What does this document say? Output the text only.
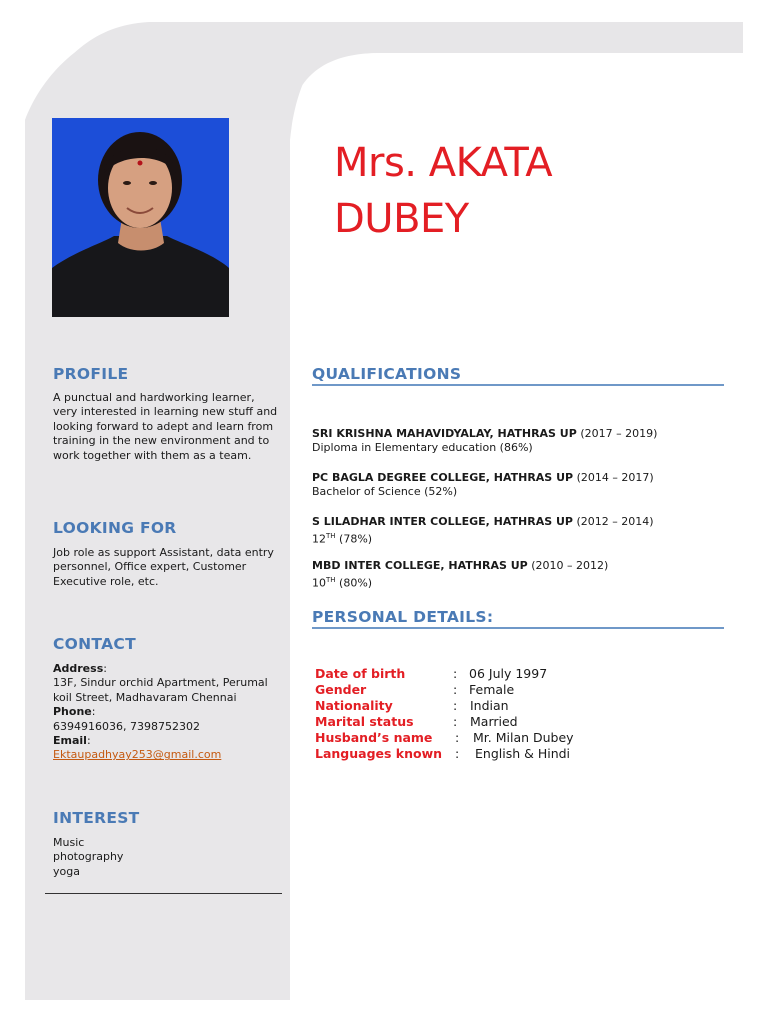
Mrs. AKATA
DUBEY
PROFILE
A punctual and hardworking learner, very interested in learning new stuff and looking forward to adept and learn from training in the new environment and to work together with them as a team.
LOOKING FOR
Job role as support Assistant, data entry personnel, Office expert, Customer Executive role, etc.
CONTACT
Address:
13F, Sindur orchid Apartment, Perumal koil Street, Madhavaram Chennai
Phone:
6394916036, 7398752302
Email:
Ektaupadhyay253@gmail.com
INTEREST
Music
photography
yoga
QUALIFICATIONS
SRI KRISHNA MAHAVIDYALAY, HATHRAS UP (2017 – 2019)
Diploma in Elementary education (86%)
PC BAGLA DEGREE COLLEGE, HATHRAS UP (2014 – 2017)
Bachelor of Science (52%)
S LILADHAR INTER COLLEGE, HATHRAS UP (2012 – 2014)
12TH (78%)
MBD INTER COLLEGE, HATHRAS UP (2010 – 2012)
10TH (80%)
PERSONAL DETAILS:
Date of birth	: 06 July 1997
Gender	: Female
Nationality	: Indian
Marital status	: Married
Husband’s name : Mr. Milan Dubey
Languages known : English & Hindi
